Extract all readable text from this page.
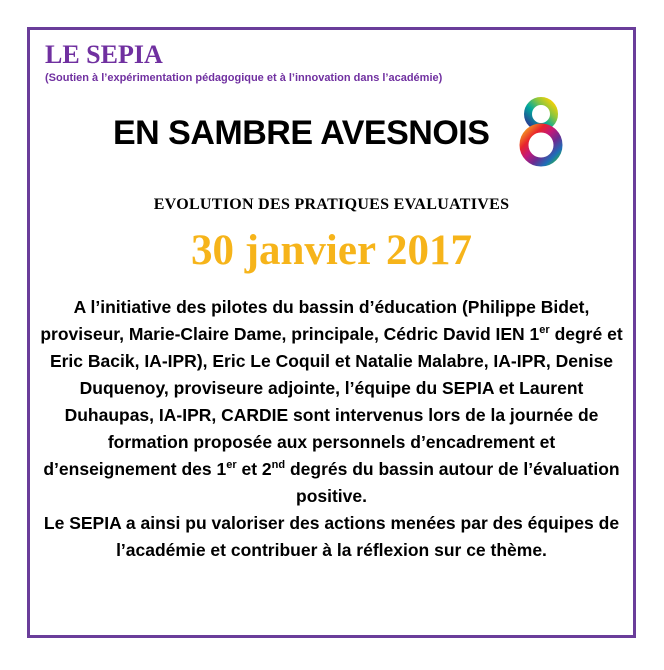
LE SEPIA

(Soutien à l’expérimentation pédagogique et à l’innovation dans l’académie)

EN SAMBRE AVESNOIS

EVOLUTION DES PRATIQUES EVALUATIVES

30 janvier 2017

A l’initiative des pilotes du bassin d’éducation (Philippe Bidet, proviseur, Marie-Claire Dame, principale, Cédric David IEN 1er degré et Eric Bacik, IA-IPR), Eric Le Coquil et Natalie Malabre, IA-IPR, Denise Duquenoy, proviseure adjointe, l’équipe du SEPIA et Laurent Duhaupas, IA-IPR, CARDIE sont intervenus lors de la journée de formation proposée aux personnels d’encadrement et d’enseignement des 1er et 2nd degrés du bassin autour de l’évaluation positive.

Le SEPIA a ainsi pu valoriser des actions menées par des équipes de l’académie et contribuer à la réflexion sur ce thème.
